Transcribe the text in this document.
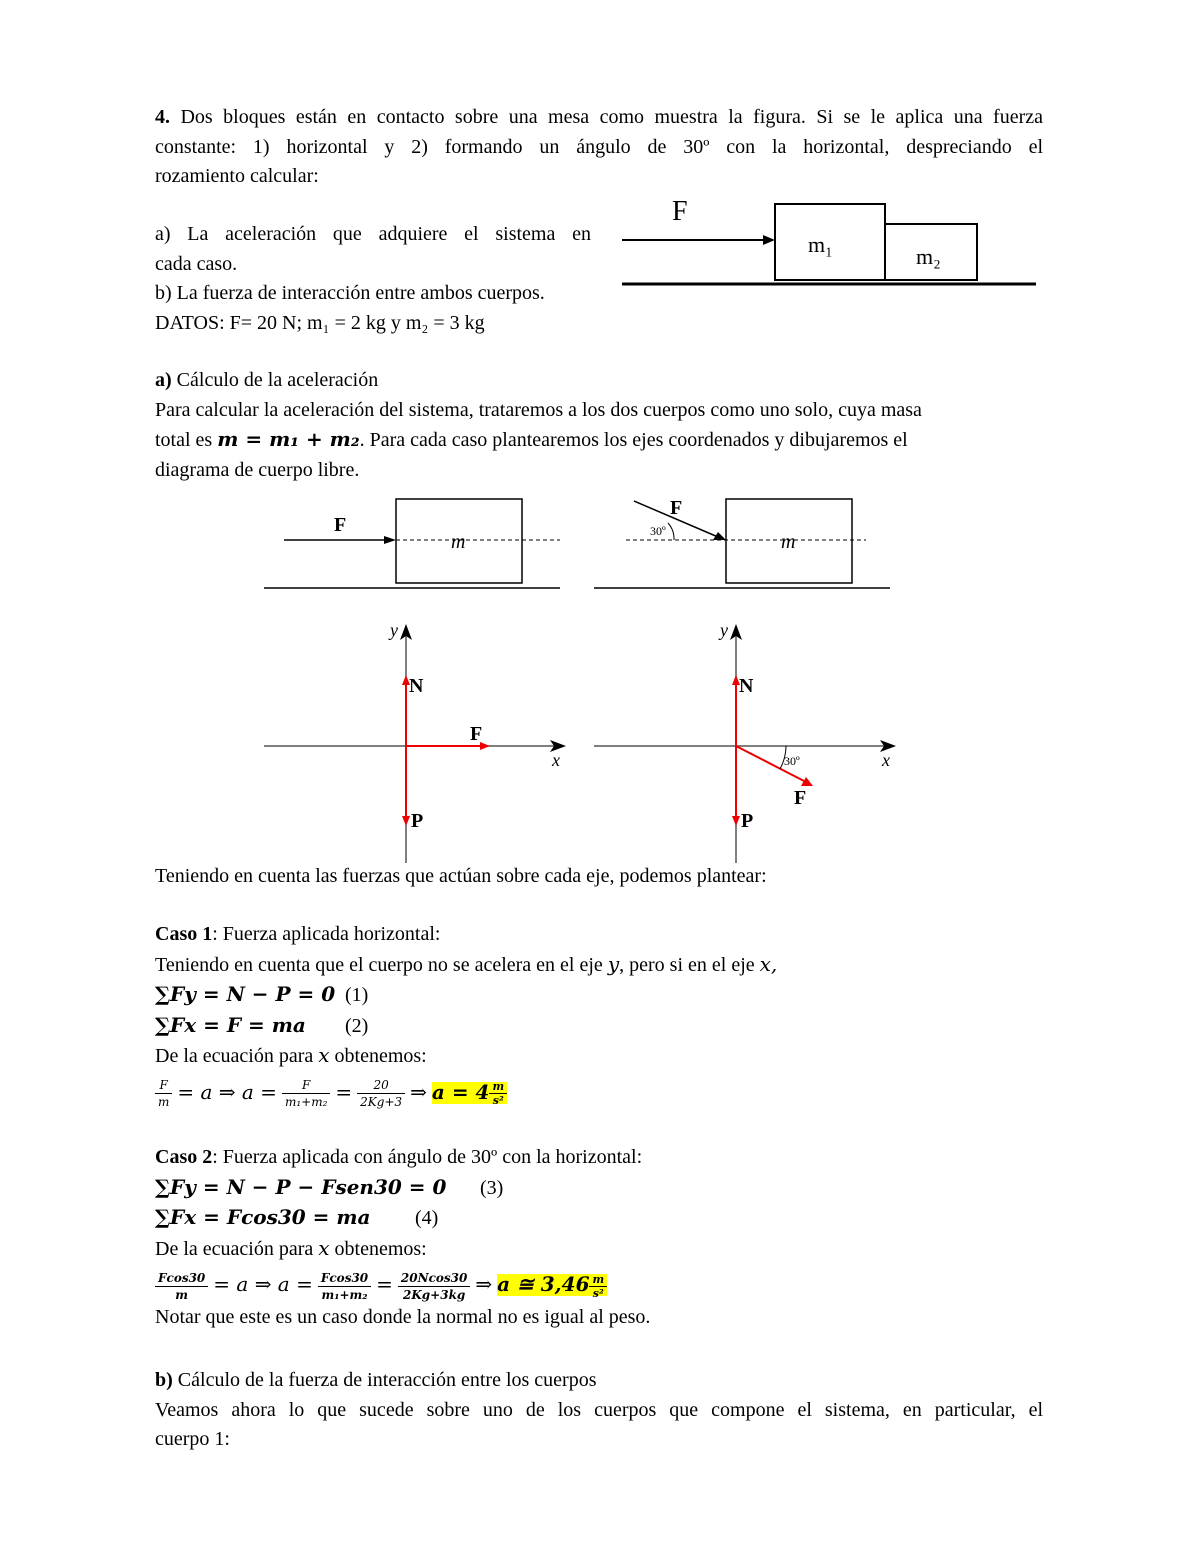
4. Dos bloques están en contacto sobre una mesa como muestra la figura. Si se le aplica una fuerza
constante: 1) horizontal y 2) formando un ángulo de 30º con la horizontal, despreciando el
rozamiento calcular:
a) La aceleración que adquiere el sistema en
cada caso.
b) La fuerza de interacción entre ambos cuerpos.
DATOS: F= 20 N; m₁ = 2 kg y m₂ = 3 kg
F
m₁	m₂
a) Cálculo de la aceleración
Para calcular la aceleración del sistema, trataremos a los dos cuerpos como uno solo, cuya masa
total es m = m₁ + m₂. Para cada caso plantearemos los ejes coordenados y dibujaremos el
diagrama de cuerpo libre.
F
m
F
30º	m
y
x
N
F
P
y
x
N
F
30º
P
Teniendo en cuenta las fuerzas que actúan sobre cada eje, podemos plantear:
Caso 1: Fuerza aplicada horizontal:
Teniendo en cuenta que el cuerpo no se acelera en el eje y, pero si en el eje x,
∑Fy = N − P = 0 (1)
∑Fx = F = ma (2)
De la ecuación para x obtenemos:
$\frac{F}{m} = a$ ⇒ $a = \frac{F}{\text{m₁+m₂}} = \frac{20}{2Kg+3}$ ⇒ $a = 4 \frac{m}{\text{s²}}$
Caso 2: Fuerza aplicada con ángulo de 30º con la horizontal:
∑Fy = N − P − Fsen30 = 0 (3)
∑Fx = Fcos30 = ma (4)
De la ecuación para x obtenemos:
$\frac{Fcos30}{m} = a$ ⇒ $a = \frac{Fcos30}{\text{m₁+m₂}} = \frac{20Ncos30}{2Kg+3kg}$ ⇒ a ≅ $3,46 \frac{m}{\text{s²}}$
Notar que este es un caso donde la normal no es igual al peso.
b) Cálculo de la fuerza de interacción entre los cuerpos
Veamos ahora lo que sucede sobre uno de los cuerpos que compone el sistema, en particular, el
cuerpo 1:
